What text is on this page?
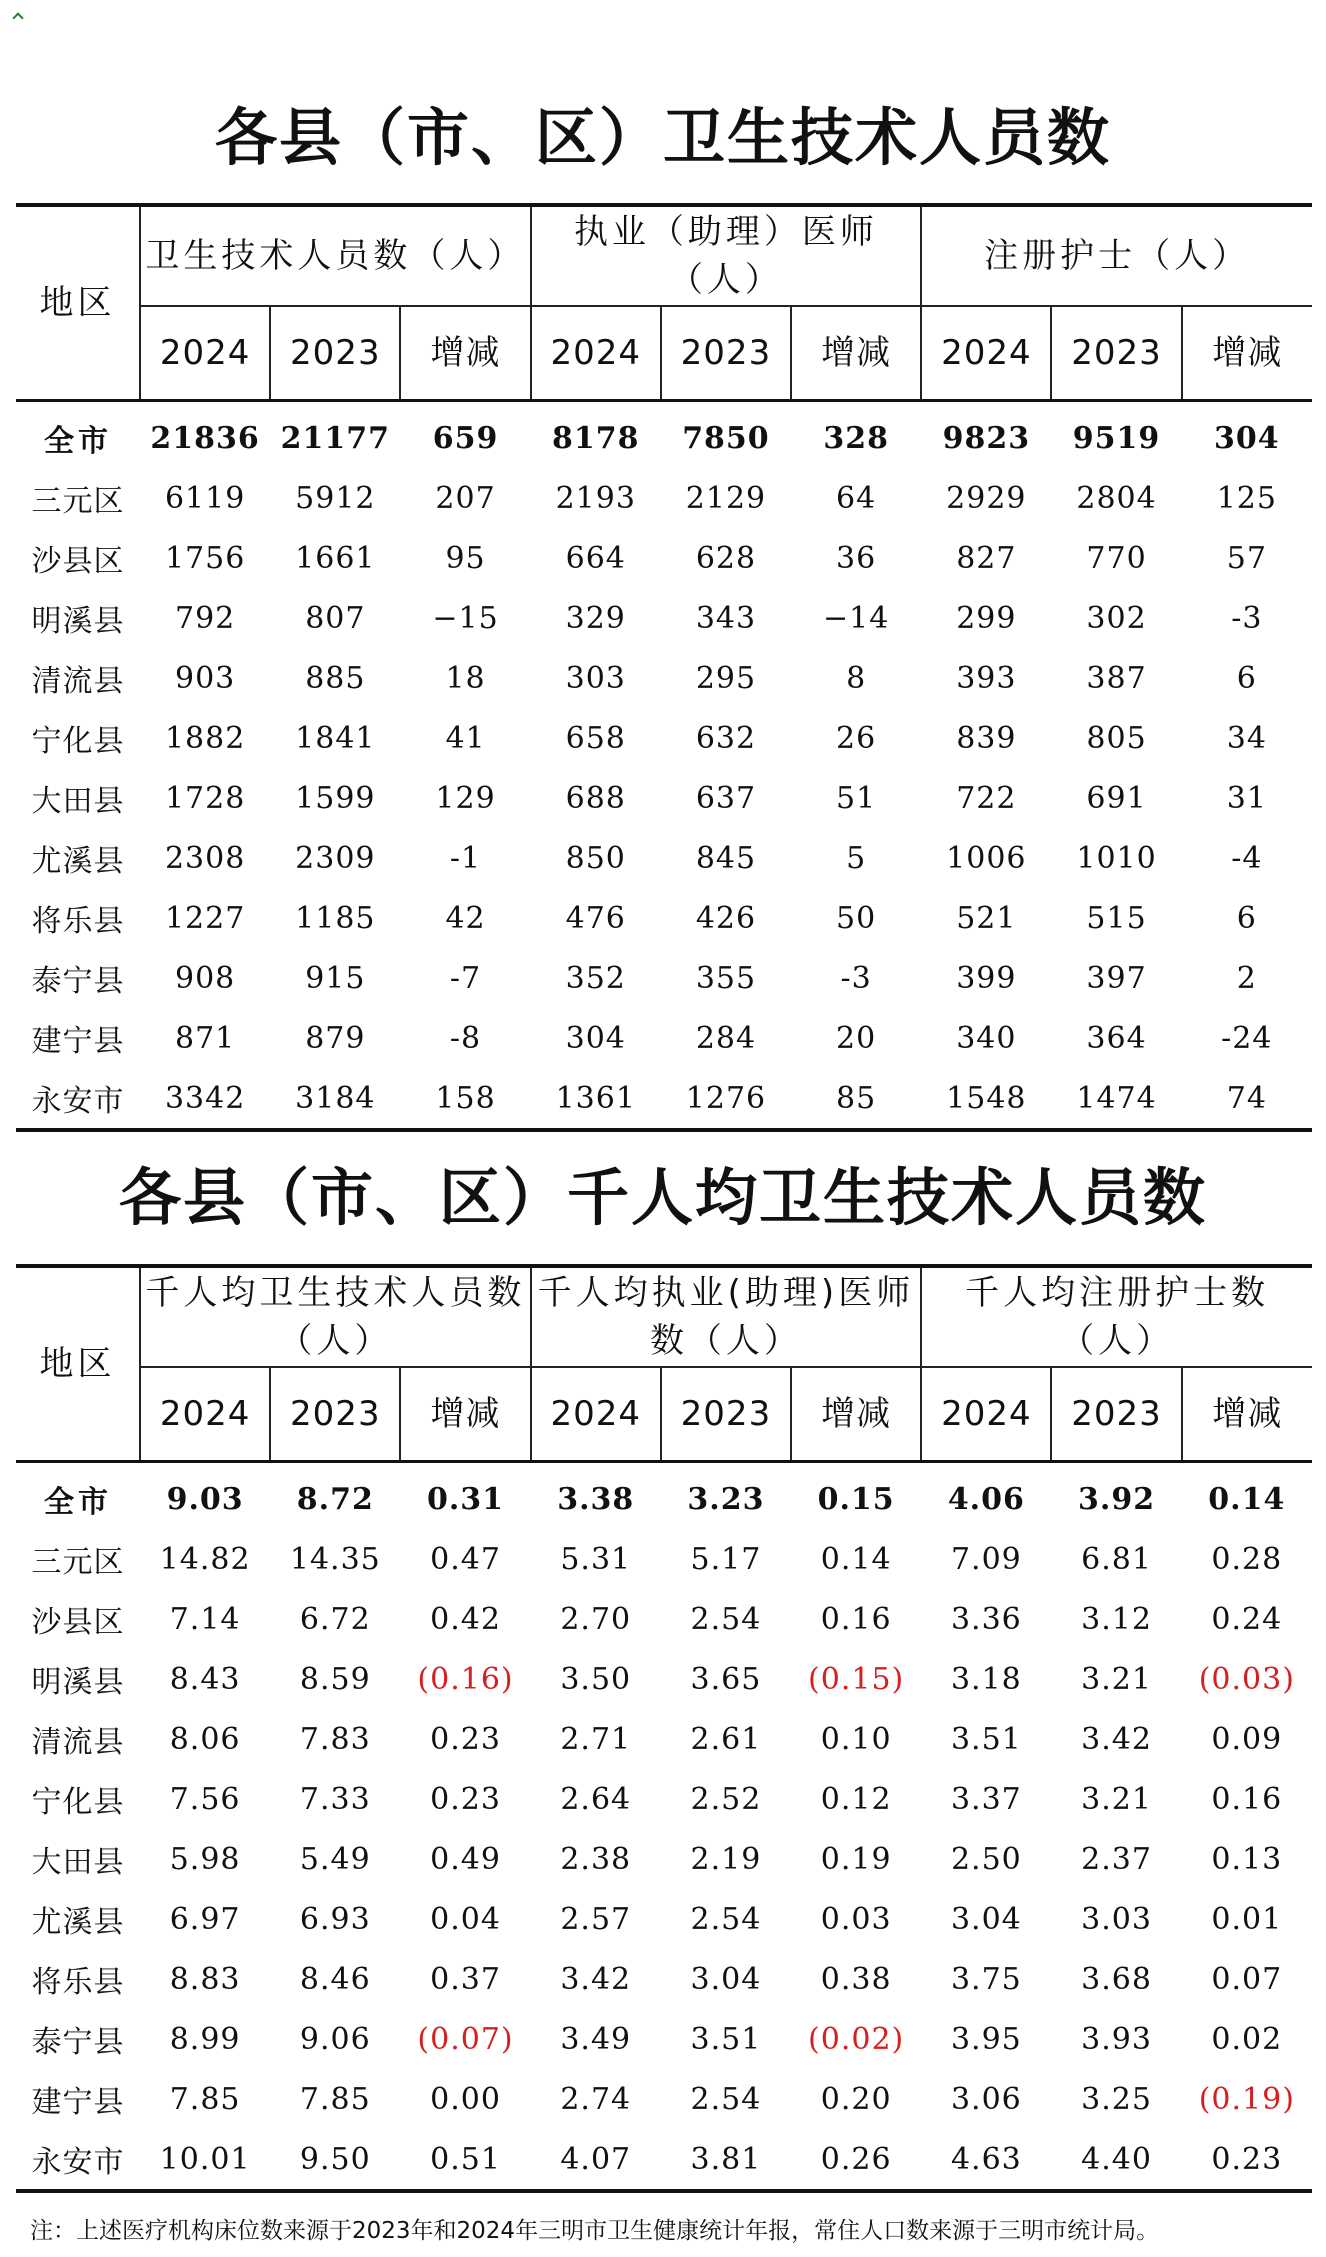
各县（市、区）卫生技术人员数
地区	卫生技术人员数（人）			执业（助理）医师（人）			注册护士（人）		
	2024	2023	增减	2024	2023	增减	2024	2023	增减
全市	21836	21177	659	8178	7850	328	9823	9519	304
三元区	6119	5912	207	2193	2129	64	2929	2804	125
沙县区	1756	1661	95	664	628	36	827	770	57
明溪县	792	807	−15	329	343	−14	299	302	-3
清流县	903	885	18	303	295	8	393	387	6
宁化县	1882	1841	41	658	632	26	839	805	34
大田县	1728	1599	129	688	637	51	722	691	31
尤溪县	2308	2309	-1	850	845	5	1006	1010	-4
将乐县	1227	1185	42	476	426	50	521	515	6
泰宁县	908	915	-7	352	355	-3	399	397	2
建宁县	871	879	-8	304	284	20	340	364	-24
永安市	3342	3184	158	1361	1276	85	1548	1474	74
各县（市、区）千人均卫生技术人员数
地区	千人均卫生技术人员数（人）			千人均执业(助理)医师数（人）			千人均注册护士数（人）		
	2024	2023	增减	2024	2023	增减	2024	2023	增减
全市	9.03	8.72	0.31	3.38	3.23	0.15	4.06	3.92	0.14
三元区	14.82	14.35	0.47	5.31	5.17	0.14	7.09	6.81	0.28
沙县区	7.14	6.72	0.42	2.70	2.54	0.16	3.36	3.12	0.24
明溪县	8.43	8.59	(0.16)	3.50	3.65	(0.15)	3.18	3.21	(0.03)
清流县	8.06	7.83	0.23	2.71	2.61	0.10	3.51	3.42	0.09
宁化县	7.56	7.33	0.23	2.64	2.52	0.12	3.37	3.21	0.16
大田县	5.98	5.49	0.49	2.38	2.19	0.19	2.50	2.37	0.13
尤溪县	6.97	6.93	0.04	2.57	2.54	0.03	3.04	3.03	0.01
将乐县	8.83	8.46	0.37	3.42	3.04	0.38	3.75	3.68	0.07
泰宁县	8.99	9.06	(0.07)	3.49	3.51	(0.02)	3.95	3.93	0.02
建宁县	7.85	7.85	0.00	2.74	2.54	0.20	3.06	3.25	(0.19)
永安市	10.01	9.50	0.51	4.07	3.81	0.26	4.63	4.40	0.23
注：上述医疗机构床位数来源于2023年和2024年三明市卫生健康统计年报，常住人口数来源于三明市统计局。
